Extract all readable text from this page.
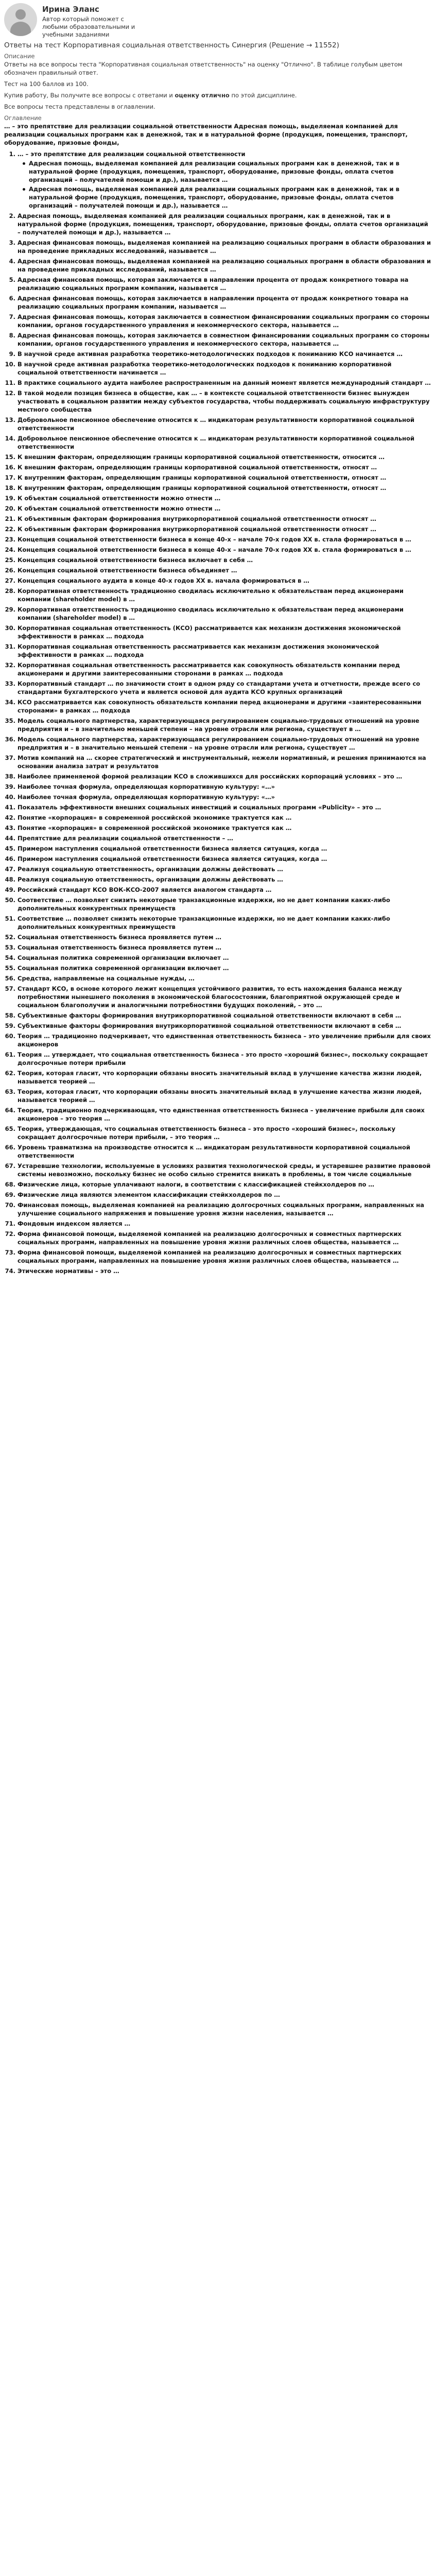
Ирина Эланс
Автор который поможет с любыми образовательными и учебными заданиями
Ответы на тест Корпоративная социальная ответственность Синергия (Решение → 11552)
Описание

Ответы на все вопросы теста "Корпоративная социальная ответственность" на оценку "Отлично". В таблице голубым цветом обозначен правильный ответ.

Тест на 100 баллов из 100.

Купив работу, Вы получите все вопросы с ответами и оценку отлично по этой дисциплине.

Все вопросы теста представлены в оглавлении.

Оглавление

… – это препятствие для реализации социальной ответственности Адресная помощь, выделяемая компанией для реализации социальных программ как в денежной, так и в натуральной форме (продукция, помещения, транспорт, оборудование, призовые фонды,

1. … – это препятствие для реализации социальной ответственности
Адресная помощь, выделяемая компанией для реализации социальных программ как в денежной, так и в натуральной форме (продукция, помещения, транспорт, оборудование, призовые фонды, оплата счетов организаций – получателей помощи и др.), называется …
Адресная помощь, выделяемая компанией для реализации социальных программ как в денежной, так и в натуральной форме (продукция, помещения, транспорт, оборудование, призовые фонды, оплата счетов организаций – получателей помощи и др.), называется …
2. Адресная помощь, выделяемая компанией для реализации социальных программ, как в денежной, так и в натуральной форме (продукция, помещения, транспорт, оборудование, призовые фонды, оплата счетов организаций – получателей помощи и др.), называется …
3. Адресная финансовая помощь, выделяемая компанией на реализацию социальных программ в области образования и на проведение прикладных исследований, называется …
4. Адресная финансовая помощь, выделяемая компанией на реализацию социальных программ в области образования и на проведение прикладных исследований, называется …
5. Адресная финансовая помощь, которая заключается в направлении процента от продаж конкретного товара на реализацию социальных программ компании, называется …
6. Адресная финансовая помощь, которая заключается в направлении процента от продаж конкретного товара на реализацию социальных программ компании, называется …
7. Адресная финансовая помощь, которая заключается в совместном финансировании социальных программ со стороны компании, органов государственного управления и некоммерческого сектора, называется …
8. Адресная финансовая помощь, которая заключается в совместном финансировании социальных программ со стороны компании, органов государственного управления и некоммерческого сектора, называется …
9. В научной среде активная разработка теоретико-методологических подходов к пониманию КСО начинается …
10. В научной среде активная разработка теоретико-методологических подходов к пониманию корпоративной социальной ответственности начинается …
11. В практике социального аудита наиболее распространенным на данный момент является международный стандарт …
12. В такой модели позиция бизнеса в обществе, как … – в контексте социальной ответственности бизнес вынужден участвовать в социальном развитии между субъектов государства, чтобы поддерживать социальную инфраструктуру местного сообщества
13. Добровольное пенсионное обеспечение относится к … индикаторам результативности корпоративной социальной ответственности
14. Добровольное пенсионное обеспечение относится к … индикаторам результативности корпоративной социальной ответственности
15. К внешним факторам, определяющим границы корпоративной социальной ответственности, относится …
16. К внешним факторам, определяющим границы корпоративной социальной ответственности, относят …
17. К внутренним факторам, определяющим границы корпоративной социальной ответственности, относят …
18. К внутренним факторам, определяющим границы корпоративной социальной ответственности, относят …
19. К объектам социальной ответственности можно отнести …
20. К объектам социальной ответственности можно отнести …
21. К объективным факторам формирования внутрикорпоративной социальной ответственности относят …
22. К объективным факторам формирования внутрикорпоративной социальной ответственности относят …
23. Концепция социальной ответственности бизнеса в конце 40-х – начале 70-х годов XX в. стала формироваться в …
24. Концепция социальной ответственности бизнеса в конце 40-х – начале 70-х годов XX в. стала формироваться в …
25. Концепция социальной ответственности бизнеса включает в себя …
26. Концепция социальной ответственности бизнеса объединяет …
27. Концепция социального аудита в конце 40-х годов XX в. начала формироваться в …
28. Корпоративная ответственность традиционно сводилась исключительно к обязательствам перед акционерами компании (shareholder model) в …
29. Корпоративная ответственность традиционно сводилась исключительно к обязательствам перед акционерами компании (shareholder model) в …
30. Корпоративная социальная ответственность (КСО) рассматривается как механизм достижения экономической эффективности в рамках … подхода
31. Корпоративная социальная ответственность рассматривается как механизм достижения экономической эффективности в рамках … подхода
32. Корпоративная социальная ответственность рассматривается как совокупность обязательств компании перед акционерами и другими заинтересованными сторонами в рамках … подхода
33. Корпоративный стандарт … по значимости стоит в одном ряду со стандартами учета и отчетности, прежде всего со стандартами бухгалтерского учета и является основой для аудита КСО крупных организаций
34. КСО рассматривается как совокупность обязательств компании перед акционерами и другими «заинтересованными сторонами» в рамках … подхода
35. Модель социального партнерства, характеризующаяся регулированием социально-трудовых отношений на уровне предприятия и – в значительно меньшей степени – на уровне отрасли или региона, существует в …
36. Модель социального партнерства, характеризующаяся регулированием социально-трудовых отношений на уровне предприятия и – в значительно меньшей степени – на уровне отрасли или региона, существует …
37. Мотив компаний на … скорее стратегический и инструментальный, нежели нормативный, и решения принимаются на основании анализа затрат и результатов
38. Наиболее применяемой формой реализации КСО в сложившихся для российских корпораций условиях – это …
39. Наиболее точная формула, определяющая корпоративную культуру: «…»
40. Наиболее точная формула, определяющая корпоративную культуру: «…»
41. Показатель эффективности внешних социальных инвестиций и социальных программ «Publicity» – это …
42. Понятие «корпорация» в современной российской экономике трактуется как …
43. Понятие «корпорация» в современной российской экономике трактуется как …
44. Препятствие для реализации социальной ответственности – …
45. Примером наступления социальной ответственности бизнеса является ситуация, когда …
46. Примером наступления социальной ответственности бизнеса является ситуация, когда …
47. Реализуя социальную ответственность, организации должны действовать …
48. Реализуя социальную ответственность, организации должны действовать …
49. Российский стандарт КСО ВОК-КСО-2007 является аналогом стандарта …
50. Соответствие … позволяет снизить некоторые транзакционные издержки, но не дает компании каких-либо дополнительных конкурентных преимуществ
51. Соответствие … позволяет снизить некоторые транзакционные издержки, но не дает компании каких-либо дополнительных конкурентных преимуществ
52. Социальная ответственность бизнеса проявляется путем …
53. Социальная ответственность бизнеса проявляется путем …
54. Социальная политика современной организации включает …
55. Социальная политика современной организации включает …
56. Средства, направляемые на социальные нужды, …
57. Стандарт КСО, в основе которого лежит концепция устойчивого развития, то есть нахождения баланса между потребностями нынешнего поколения в экономической благосостоянии, благоприятной окружающей среде и социальном благополучии и аналогичными потребностями будущих поколений, – это …
58. Субъективные факторы формирования внутрикорпоративной социальной ответственности включают в себя …
59. Субъективные факторы формирования внутрикорпоративной социальной ответственности включают в себя …
60. Теория … традиционно подчеркивает, что единственная ответственность бизнеса – это увеличение прибыли для своих акционеров
61. Теория … утверждает, что социальная ответственность бизнеса - это просто «хороший бизнес», поскольку сокращает долгосрочные потери прибыли
62. Теория, которая гласит, что корпорации обязаны вносить значительный вклад в улучшение качества жизни людей, называется теорией …
63. Теория, которая гласит, что корпорации обязаны вносить значительный вклад в улучшение качества жизни людей, называется теорией …
64. Теория, традиционно подчеркивающая, что единственная ответственность бизнеса – увеличение прибыли для своих акционеров – это теория …
65. Теория, утверждающая, что социальная ответственность бизнеса – это просто «хороший бизнес», поскольку сокращает долгосрочные потери прибыли, – это теория …
66. Уровень травматизма на производстве относится к … индикаторам результативности корпоративной социальной ответственности
67. Устаревшие технологии, используемые в условиях развития технологической среды, и устаревшее развитие правовой системы невозможно, поскольку бизнес не особо сильно стремится вникать в проблемы, в том числе социальные
68. Физические лица, которые уплачивают налоги, в соответствии с классификацией стейкхолдеров по …
69. Физические лица являются элементом классификации стейкхолдеров по …
70. Финансовая помощь, выделяемая компанией на реализацию долгосрочных социальных программ, направленных на улучшение социального напряжения и повышение уровня жизни населения, называется …
71. Фондовым индексом является …
72. Форма финансовой помощи, выделяемой компанией на реализацию долгосрочных и совместных партнерских социальных программ, направленных на повышение уровня жизни различных слоев общества, называется …
73. Форма финансовой помощи, выделяемой компанией на реализацию долгосрочных и совместных партнерских социальных программ, направленных на повышение уровня жизни различных слоев общества, называется …
74. Этические нормативы – это …
